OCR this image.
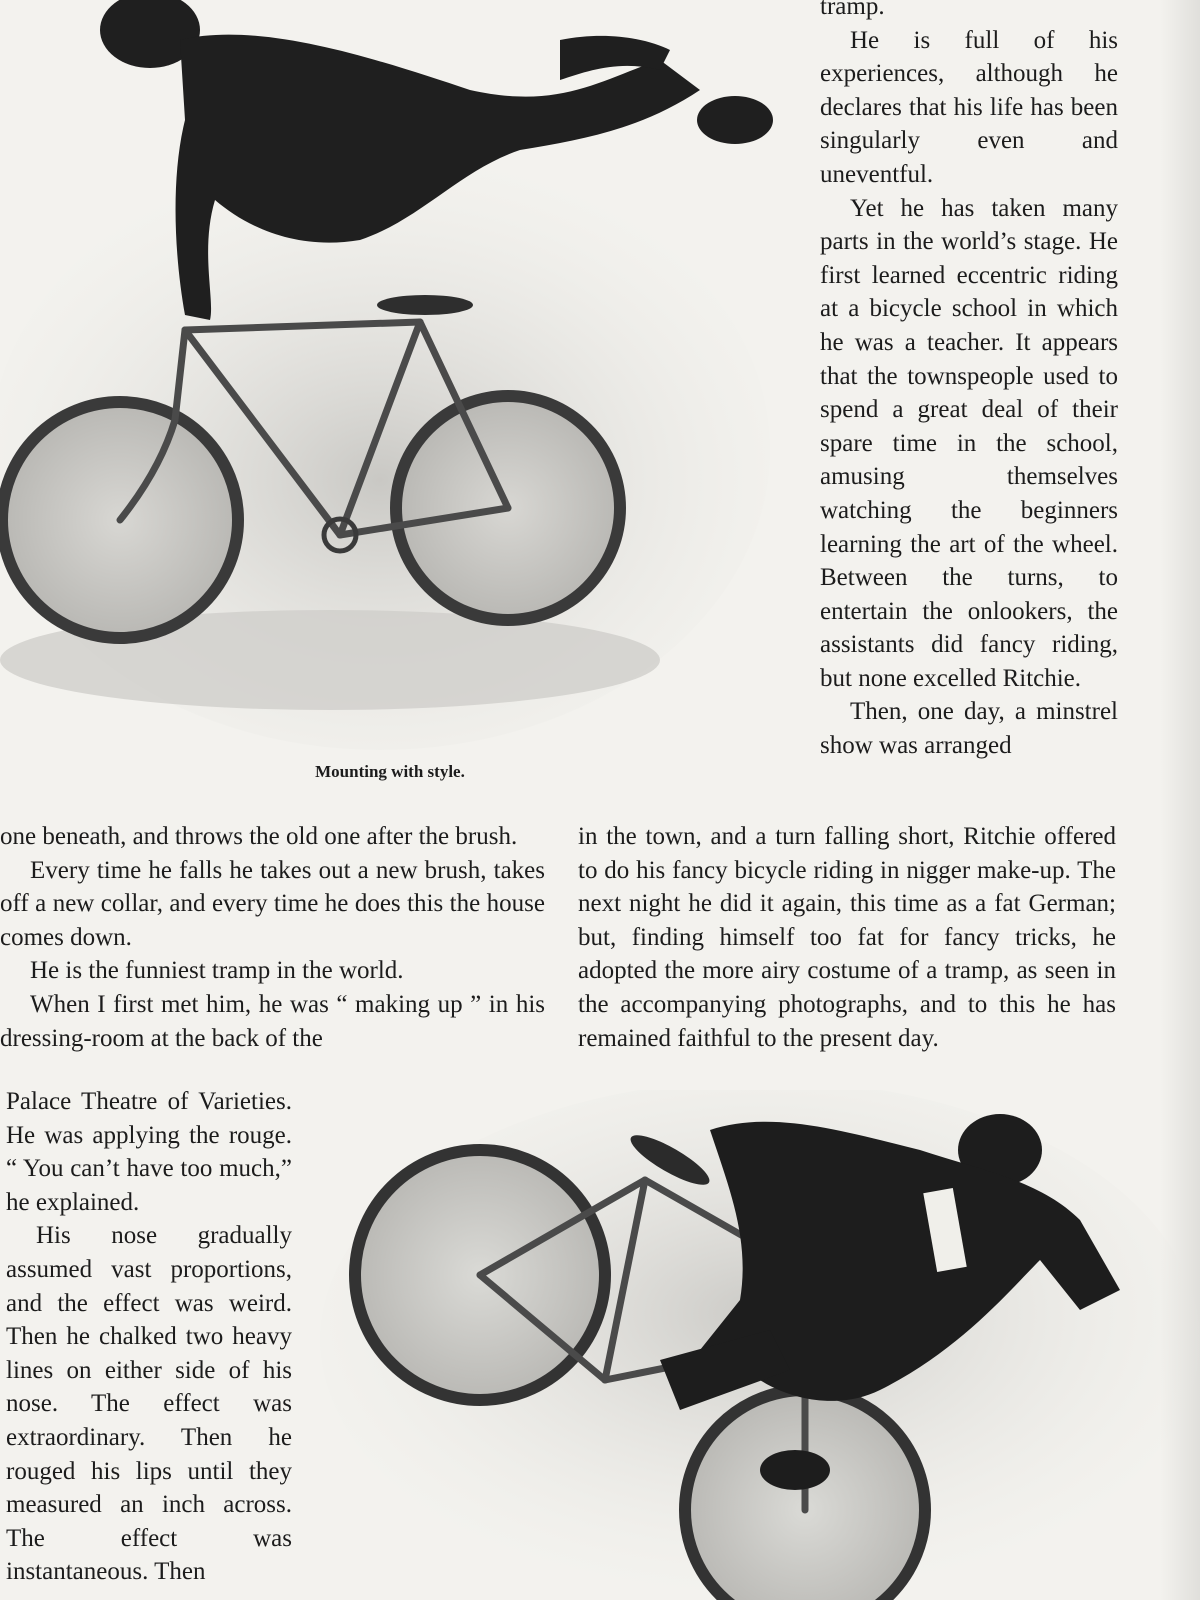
Mounting with style.

tramp.

He is full of his experiences, although he declares that his life has been singularly even and uneventful.

Yet he has taken many parts in the world’s stage. He first learned eccentric riding at a bicycle school in which he was a teacher. It appears that the townspeople used to spend a great deal of their spare time in the school, amusing themselves watching the beginners learning the art of the wheel. Between the turns, to entertain the onlookers, the assistants did fancy riding, but none excelled Ritchie.

Then, one day, a minstrel show was arranged

in the town, and a turn falling short, Ritchie offered to do his fancy bicycle riding in nigger make-up. The next night he did it again, this time as a fat German; but, finding himself too fat for fancy tricks, he adopted the more airy costume of a tramp, as seen in the accompanying photographs, and to this he has remained faithful to the present day.

one beneath, and throws the old one after the brush.

Every time he falls he takes out a new brush, takes off a new collar, and every time he does this the house comes down.

He is the funniest tramp in the world.

When I first met him, he was “ making up ” in his dressing-room at the back of the

Palace Theatre of Varieties. He was applying the rouge. “ You can’t have too much,” he explained.

His nose gradually assumed vast proportions, and the effect was weird. Then he chalked two heavy lines on either side of his nose. The effect was extraordinary. Then he rouged his lips until they measured an inch across. The effect was instantaneous. Then
